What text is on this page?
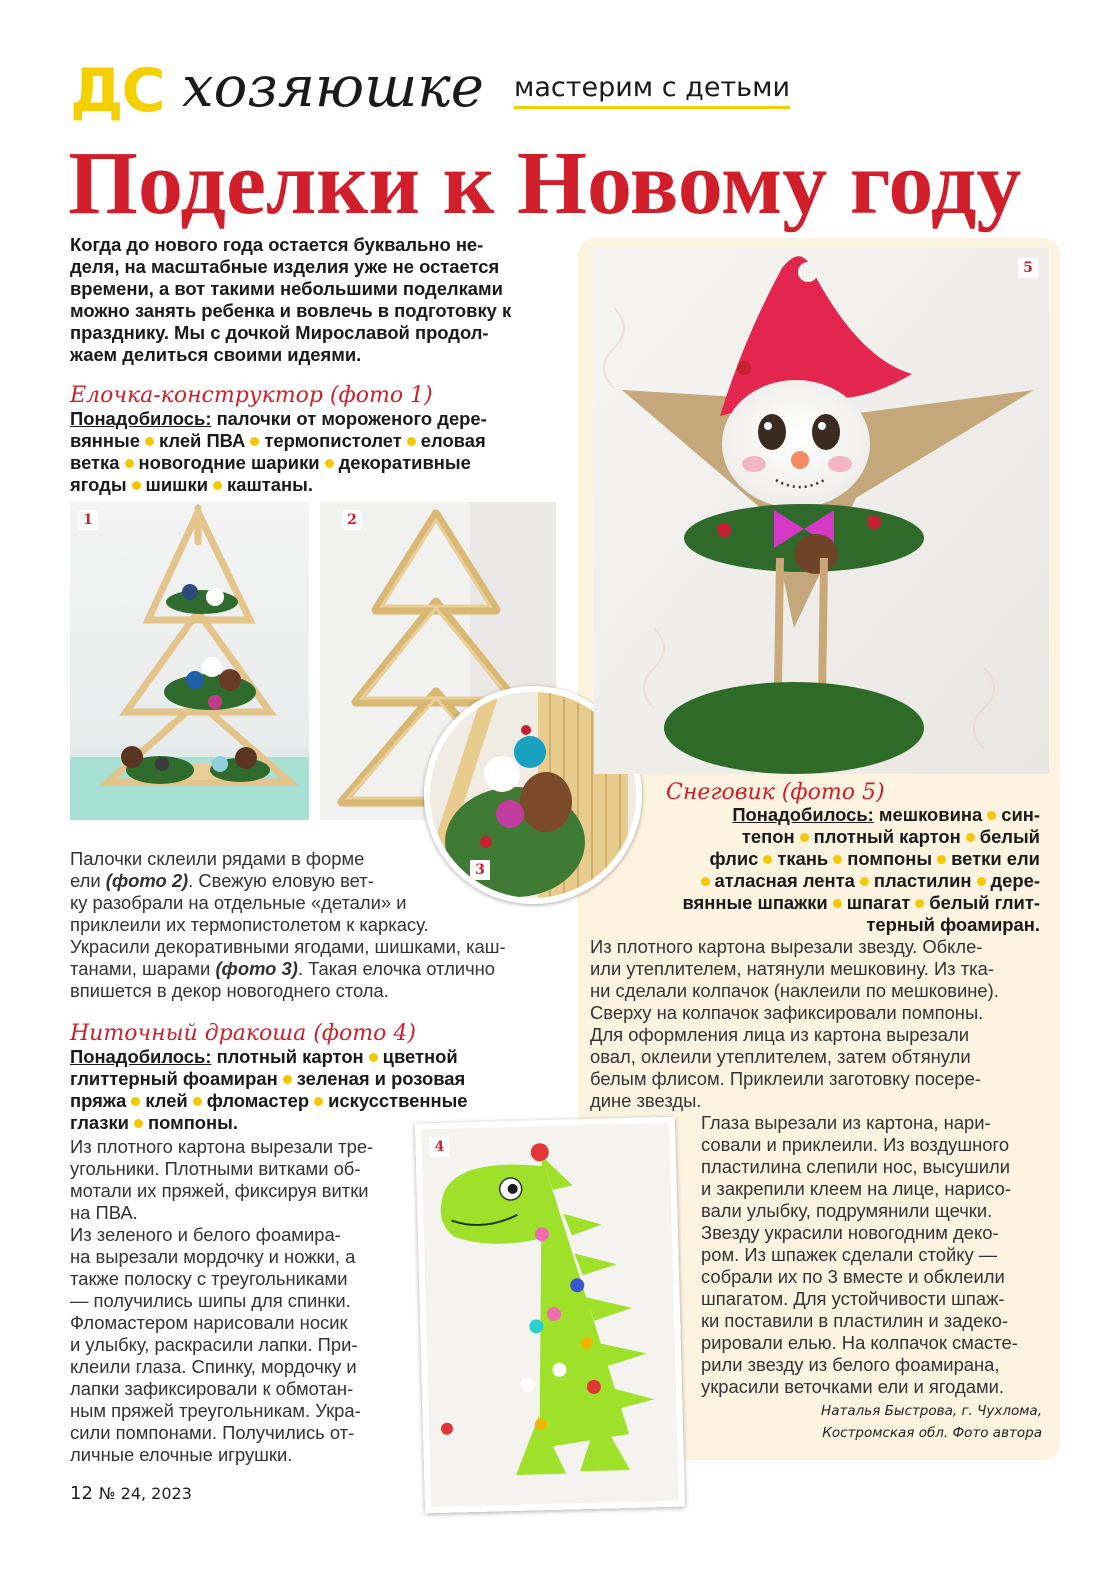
ДС хозяюшке мастерим с детьми
Поделки к Новому году
Когда до нового года остается буквально не-
деля, на масштабные изделия уже не остается
времени, а вот такими небольшими поделками
можно занять ребенка и вовлечь в подготовку к
празднику. Мы с дочкой Мирославой продол-
жаем делиться своими идеями.
Елочка-конструктор (фото 1)
Понадобилось: палочки от мороженого дере-
вянные клей ПВА термопистолет еловая
ветка новогодние шарики декоративные
ягоды шишки каштаны.
1	2
3
Палочки склеили рядами в форме
ели (фото 2). Свежую еловую вет-
ку разобрали на отдельные «детали» и
приклеили их термопистолетом к каркасу.
Украсили декоративными ягодами, шишками, каш-
танами, шарами (фото 3). Такая елочка отлично
впишется в декор новогоднего стола.
Ниточный дракоша (фото 4)
Понадобилось: плотный картон цветной
глиттерный фоамиран зеленая и розовая
пряжа клей фломастер искусственные
глазки помпоны.
Из плотного картона вырезали тре-
угольники. Плотными витками об-
мотали их пряжей, фиксируя витки
на ПВА.
Из зеленого и белого фоамира-
на вырезали мордочку и ножки, а
также полоску с треугольниками
— получились шипы для спинки.
Фломастером нарисовали носик
и улыбку, раскрасили лапки. При-
клеили глаза. Спинку, мордочку и
лапки зафиксировали к обмотан-
ным пряжей треугольникам. Укра-
сили помпонами. Получились от-
личные елочные игрушки.
4
5
Снеговик (фото 5)
Понадобилось: мешковина син-
тепон плотный картон белый
флис ткань помпоны ветки ели
атласная лента пластилин дере-
вянные шпажки шпагат белый глит-
терный фоамиран.
Из плотного картона вырезали звезду. Обкле-
или утеплителем, натянули мешковину. Из тка-
ни сделали колпачок (наклеили по мешковине).
Сверху на колпачок зафиксировали помпоны.
Для оформления лица из картона вырезали
овал, оклеили утеплителем, затем обтянули
белым флисом. Приклеили заготовку посере-
дине звезды.
Глаза вырезали из картона, нари-
совали и приклеили. Из воздушного
пластилина слепили нос, высушили
и закрепили клеем на лице, нарисо-
вали улыбку, подрумянили щечки.
Звезду украсили новогодним деко-
ром. Из шпажек сделали стойку —
собрали их по 3 вместе и обклеили
шпагатом. Для устойчивости шпаж-
ки поставили в пластилин и задеко-
рировали елью. На колпачок смасте-
рили звезду из белого фоамирана,
украсили веточками ели и ягодами.
Наталья Быстрова, г. Чухлома,
Костромская обл. Фото автора
12 № 24, 2023
